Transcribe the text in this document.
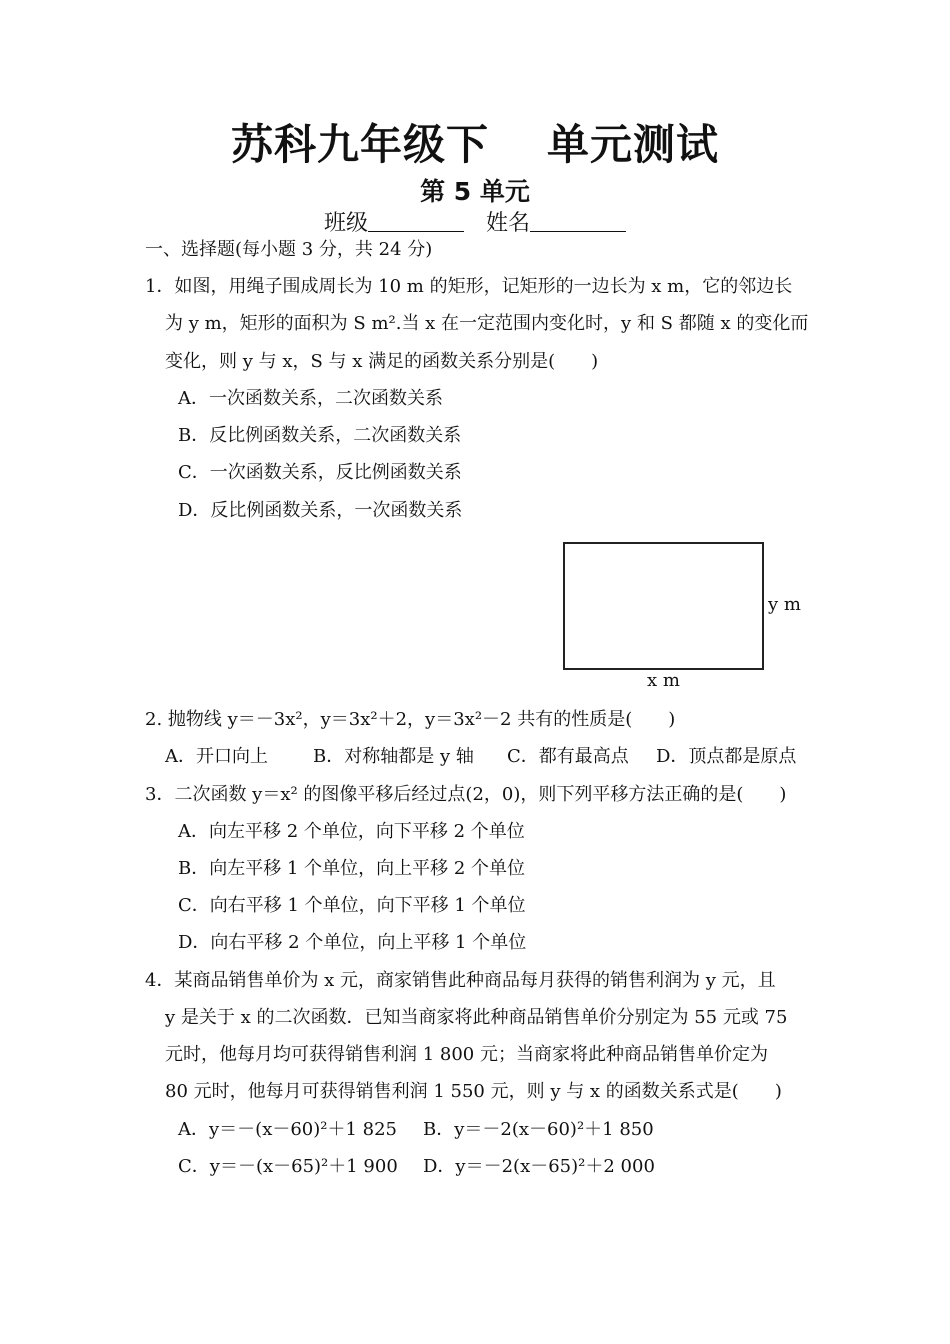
苏科九年级下 单元测试
第 5 单元
班级	姓名
一、选择题(每小题 3 分，共 24 分)
1．如图，用绳子围成周长为 10 m 的矩形，记矩形的一边长为 x m，它的邻边长
为 y m，矩形的面积为 S m².当 x 在一定范围内变化时，y 和 S 都随 x 的变化而
变化，则 y 与 x，S 与 x 满足的函数关系分别是(　　)
A．一次函数关系，二次函数关系
B．反比例函数关系，二次函数关系
C．一次函数关系，反比例函数关系
D．反比例函数关系，一次函数关系
y m
x m
2. 抛物线 y＝－3x²，y＝3x²＋2，y＝3x²－2 共有的性质是(　　)
A．开口向上	B．对称轴都是 y 轴 C．都有最高点 D．顶点都是原点
3．二次函数 y＝x² 的图像平移后经过点(2，0)，则下列平移方法正确的是(　　)
A．向左平移 2 个单位，向下平移 2 个单位
B．向左平移 1 个单位，向上平移 2 个单位
C．向右平移 1 个单位，向下平移 1 个单位
D．向右平移 2 个单位，向上平移 1 个单位
4．某商品销售单价为 x 元，商家销售此种商品每月获得的销售利润为 y 元，且
y 是关于 x 的二次函数．已知当商家将此种商品销售单价分别定为 55 元或 75
元时，他每月均可获得销售利润 1 800 元；当商家将此种商品销售单价定为
80 元时，他每月可获得销售利润 1 550 元，则 y 与 x 的函数关系式是(　　)
A．y＝－(x－60)²＋1 825 B．y＝－2(x－60)²＋1 850
C．y＝－(x－65)²＋1 900 D．y＝－2(x－65)²＋2 000
